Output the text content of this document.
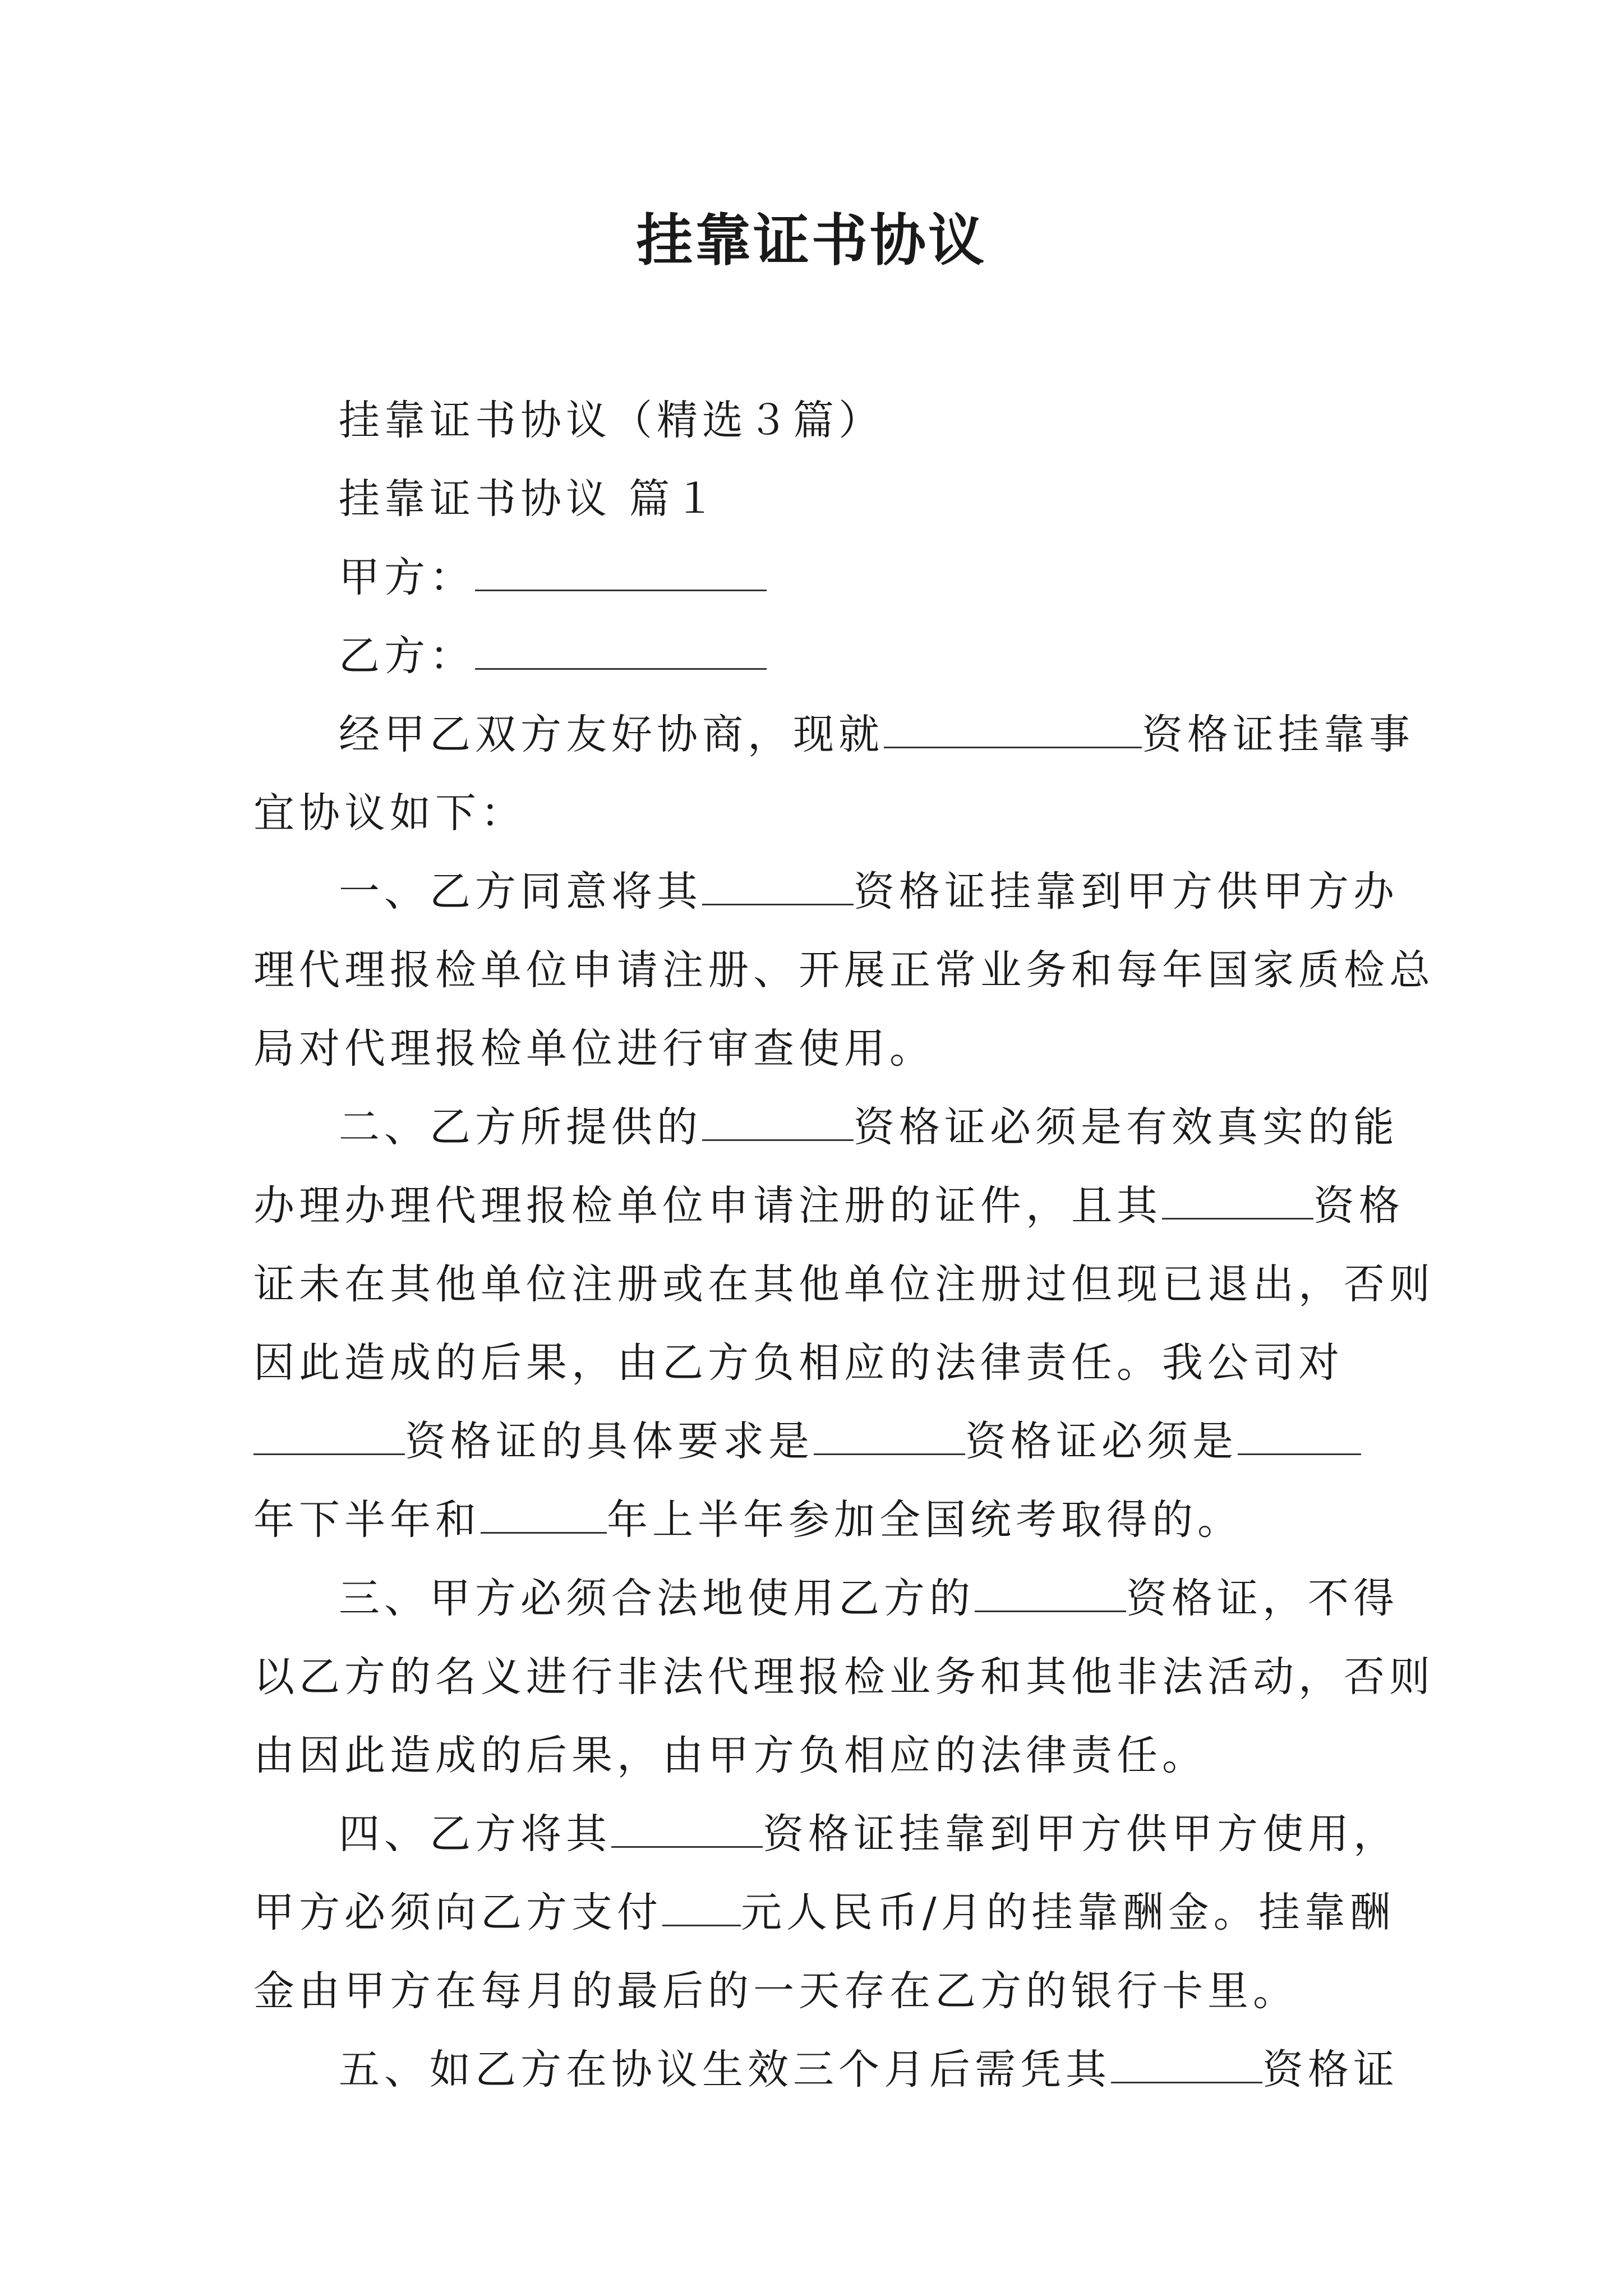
挂靠证书协议

挂靠证书协议（精选３篇）

挂靠证书协议 篇１

甲方：

乙方：

经甲乙双方友好协商，现就	资格证挂靠事

宜协议如下：

一、乙方同意将其	资格证挂靠到甲方供甲方办

理代理报检单位申请注册、开展正常业务和每年国家质检总

局对代理报检单位进行审查使用。

二、乙方所提供的	资格证必须是有效真实的能

办理办理代理报检单位申请注册的证件，且其	资格

证未在其他单位注册或在其他单位注册过但现已退出，否则

因此造成的后果，由乙方负相应的法律责任。我公司对

资格证的具体要求是	资格证必须是

年下半年和	年上半年参加全国统考取得的。

三、甲方必须合法地使用乙方的	资格证，不得

以乙方的名义进行非法代理报检业务和其他非法活动，否则

由因此造成的后果，由甲方负相应的法律责任。

四、乙方将其	资格证挂靠到甲方供甲方使用，

甲方必须向乙方支付 元人民币/月的挂靠酬金。挂靠酬

金由甲方在每月的最后的一天存在乙方的银行卡里。

五、如乙方在协议生效三个月后需凭其	资格证
